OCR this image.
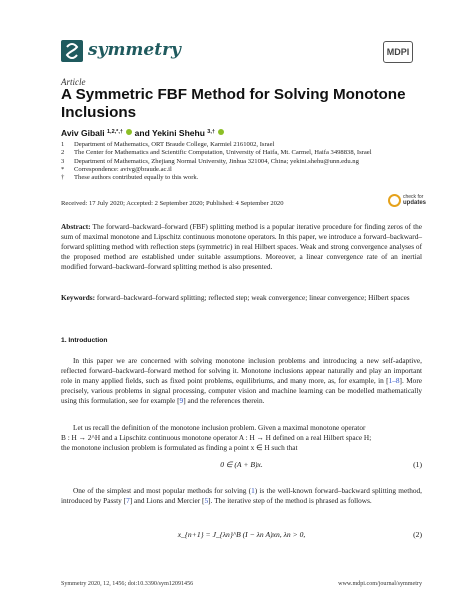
symmetry	MDPI
Article
A Symmetric FBF Method for Solving Monotone Inclusions
Aviv Gibali $^{1,2,*,\dagger}$ and Yekini Shehu $^{3,\dagger}$
1 Department of Mathematics, ORT Braude College, Karmiel 2161002, Israel
2 The Center for Mathematics and Scientific Computation, University of Haifa, Mt. Carmel, Haifa 3498838, Israel
3 Department of Mathematics, Zhejiang Normal University, Jinhua 321004, China; yekini.shehu@unn.edu.ng
* Correspondence: avivg@braude.ac.il
† These authors contributed equally to this work.
Received: 17 July 2020; Accepted: 2 September 2020; Published: 4 September 2020
check for
updates
Abstract: The forward–backward–forward (FBF) splitting method is a popular iterative procedure for finding zeros of the sum of maximal monotone and Lipschitz continuous monotone operators. In this paper, we introduce a forward–backward–forward splitting method with reflection steps (symmetric) in real Hilbert spaces. Weak and strong convergence analyses of the proposed method are established under suitable assumptions. Moreover, a linear convergence rate of an inertial modified forward–backward–forward splitting method is also presented.
Keywords: forward–backward–forward splitting; reflected step; weak convergence; linear convergence; Hilbert spaces
1. Introduction
In this paper we are concerned with solving monotone inclusion problems and introducing a new self-adaptive, reflected forward–backward–forward method for solving it. Monotone inclusions appear naturally and play an important role in many applied fields, such as fixed point problems, equilibriums, and many more, as, for example, in [1–8]. More precisely, various problems in signal processing, computer vision and machine learning can be modelled mathematically using this formulation, see for example [9] and the references therein.
Let us recall the definition of the monotone inclusion problem. Given a maximal monotone operator
B : H → 2^H and a Lipschitz continuous monotone operator A : H → H defined on a real Hilbert space H;
the monotone inclusion problem is formulated as finding a point x ∈ H such that
0 ∈ (A + B)x.	(1)
One of the simplest and most popular methods for solving (1) is the well-known forward–backward splitting method, introduced by Passty [7] and Lions and Mercier [5]. The iterative step of the method is phrased as follows.
x_{n+1} = J_{λn}^B (I − λn A)xn, λn > 0,	(2)
Symmetry 2020, 12, 1456; doi:10.3390/sym12091456	www.mdpi.com/journal/symmetry
